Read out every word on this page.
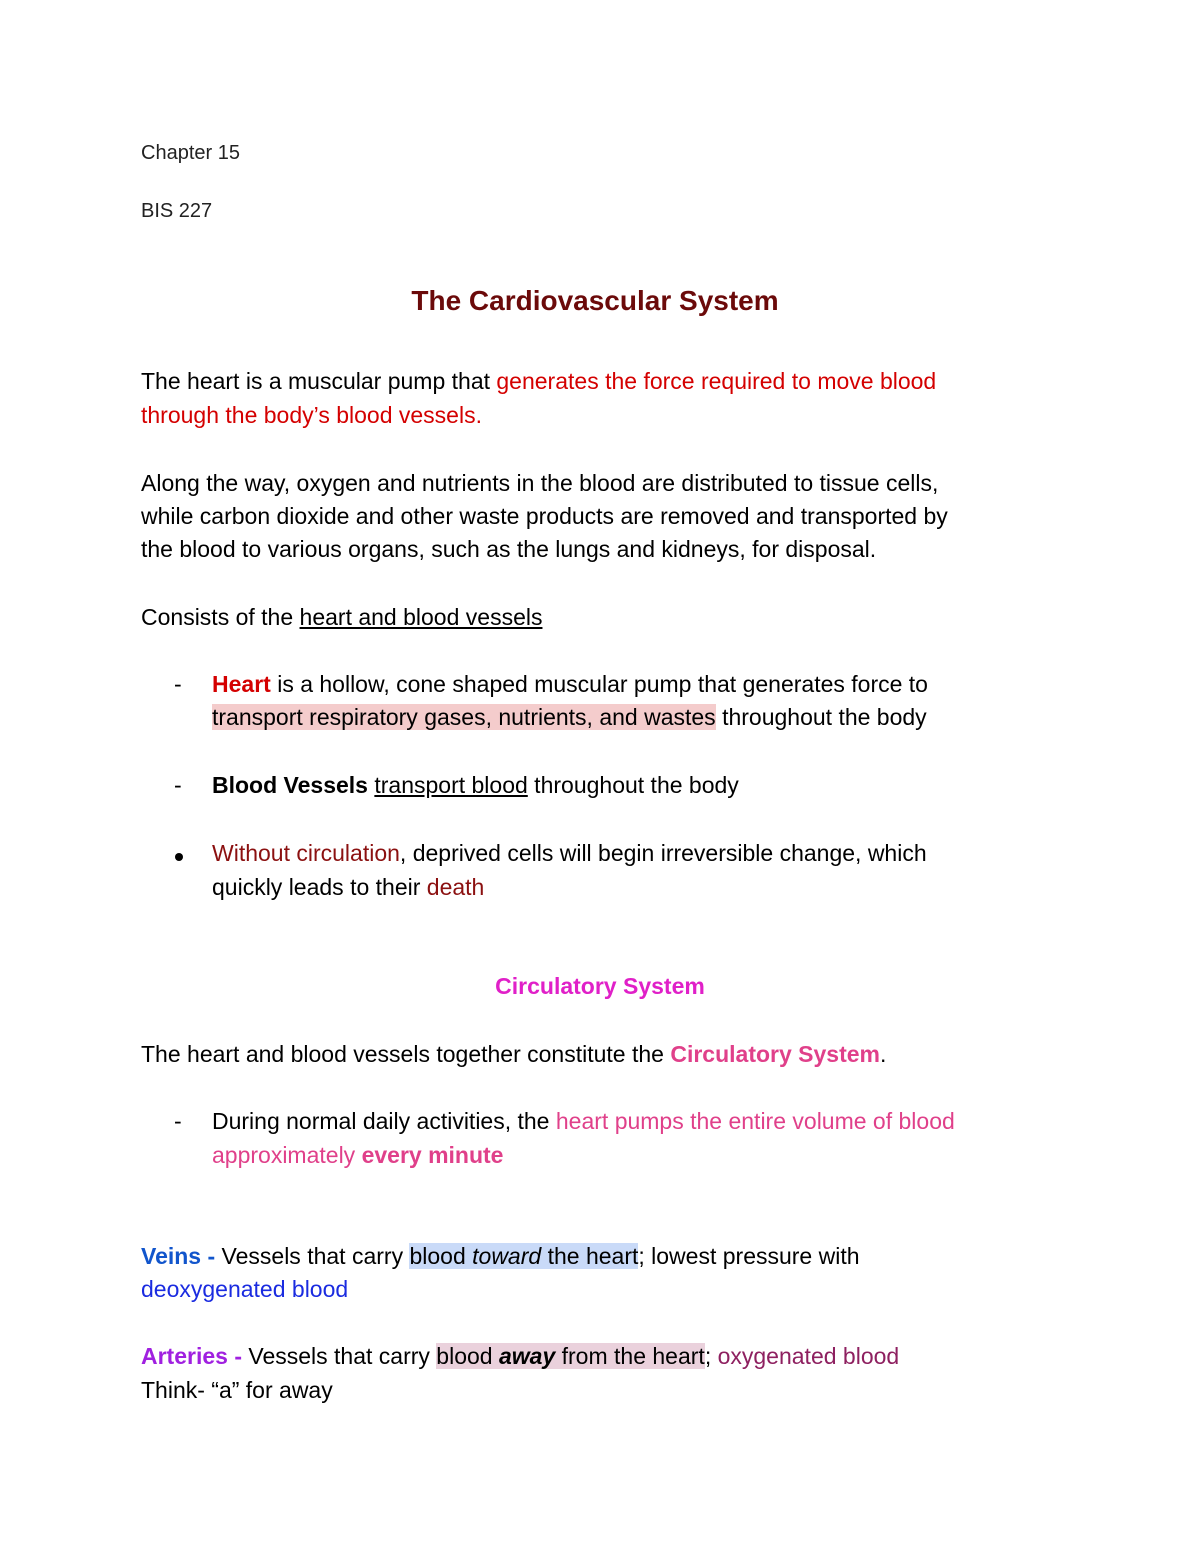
Chapter 15
BIS 227
The Cardiovascular System
The heart is a muscular pump that generates the force required to move blood
through the body’s blood vessels.
Along the way, oxygen and nutrients in the blood are distributed to tissue cells,
while carbon dioxide and other waste products are removed and transported by
the blood to various organs, such as the lungs and kidneys, for disposal.
Consists of the heart and blood vessels
- Heart is a hollow, cone shaped muscular pump that generates force to
transport respiratory gases, nutrients, and wastes throughout the body
- Blood Vessels transport blood throughout the body
Without circulation, deprived cells will begin irreversible change, which
quickly leads to their death
Circulatory System
The heart and blood vessels together constitute the Circulatory System.
- During normal daily activities, the heart pumps the entire volume of blood
approximately every minute
Veins - Vessels that carry blood toward the heart; lowest pressure with
deoxygenated blood
Arteries - Vessels that carry blood away from the heart; oxygenated blood
Think- “a” for away
